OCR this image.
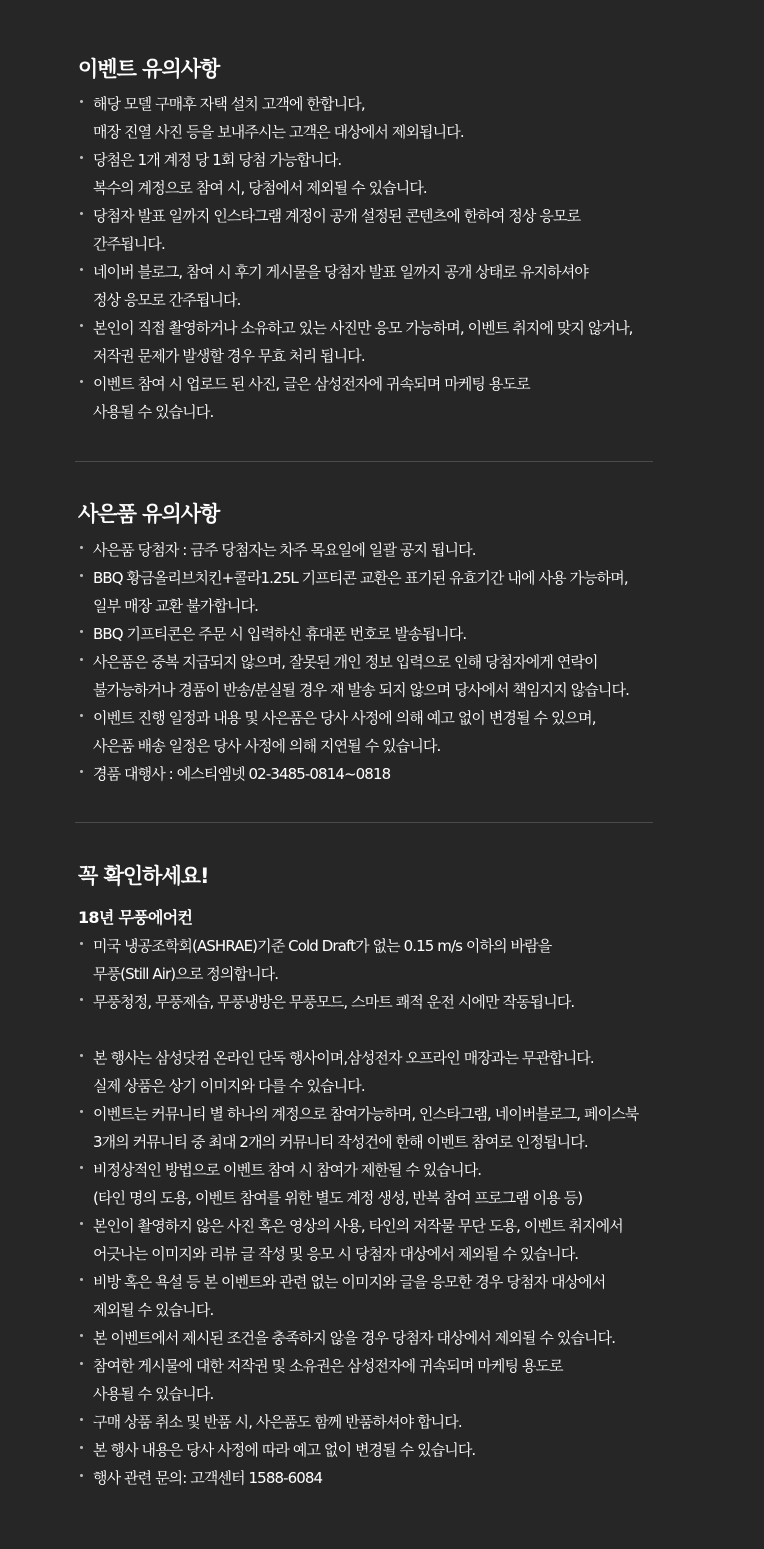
이벤트 유의사항
해당 모델 구매후 자택 설치 고객에 한합니다,
매장 진열 사진 등을 보내주시는 고객은 대상에서 제외됩니다.
당첨은 1개 계정 당 1회 당첨 가능합니다.
복수의 계정으로 참여 시, 당첨에서 제외될 수 있습니다.
당첨자 발표 일까지 인스타그램 계정이 공개 설정된 콘텐츠에 한하여 정상 응모로
간주됩니다.
네이버 블로그, 참여 시 후기 게시물을 당첨자 발표 일까지 공개 상태로 유지하셔야
정상 응모로 간주됩니다.
본인이 직접 촬영하거나 소유하고 있는 사진만 응모 가능하며, 이벤트 취지에 맞지 않거나,
저작권 문제가 발생할 경우 무효 처리 됩니다.
이벤트 참여 시 업로드 된 사진, 글은 삼성전자에 귀속되며 마케팅 용도로
사용될 수 있습니다.
사은품 유의사항
사은품 당첨자 : 금주 당첨자는 차주 목요일에 일괄 공지 됩니다.
BBQ 황금올리브치킨+콜라1.25L 기프티콘 교환은 표기된 유효기간 내에 사용 가능하며,
일부 매장 교환 불가합니다.
BBQ 기프티콘은 주문 시 입력하신 휴대폰 번호로 발송됩니다.
사은품은 중복 지급되지 않으며, 잘못된 개인 정보 입력으로 인해 당첨자에게 연락이
불가능하거나 경품이 반송/분실될 경우 재 발송 되지 않으며 당사에서 책임지지 않습니다.
이벤트 진행 일정과 내용 및 사은품은 당사 사정에 의해 예고 없이 변경될 수 있으며,
사은품 배송 일정은 당사 사정에 의해 지연될 수 있습니다.
경품 대행사 : 에스티엠넷 02-3485-0814~0818
꼭 확인하세요!
18년 무풍에어컨
미국 냉공조학회(ASHRAE)기준 Cold Draft가 없는 0.15 m/s 이하의 바람을
무풍(Still Air)으로 정의합니다.
무풍청정, 무풍제습, 무풍냉방은 무풍모드, 스마트 쾌적 운전 시에만 작동됩니다.
본 행사는 삼성닷컴 온라인 단독 행사이며,삼성전자 오프라인 매장과는 무관합니다.
실제 상품은 상기 이미지와 다를 수 있습니다.
이벤트는 커뮤니티 별 하나의 계정으로 참여가능하며, 인스타그램, 네이버블로그, 페이스북
3개의 커뮤니티 중 최대 2개의 커뮤니티 작성건에 한해 이벤트 참여로 인정됩니다.
비정상적인 방법으로 이벤트 참여 시 참여가 제한될 수 있습니다.
(타인 명의 도용, 이벤트 참여를 위한 별도 계정 생성, 반복 참여 프로그램 이용 등)
본인이 촬영하지 않은 사진 혹은 영상의 사용, 타인의 저작물 무단 도용, 이벤트 취지에서
어긋나는 이미지와 리뷰 글 작성 및 응모 시 당첨자 대상에서 제외될 수 있습니다.
비방 혹은 욕설 등 본 이벤트와 관련 없는 이미지와 글을 응모한 경우 당첨자 대상에서
제외될 수 있습니다.
본 이벤트에서 제시된 조건을 충족하지 않을 경우 당첨자 대상에서 제외될 수 있습니다.
참여한 게시물에 대한 저작권 및 소유권은 삼성전자에 귀속되며 마케팅 용도로
사용될 수 있습니다.
구매 상품 취소 및 반품 시, 사은품도 함께 반품하셔야 합니다.
본 행사 내용은 당사 사정에 따라 예고 없이 변경될 수 있습니다.
행사 관련 문의: 고객센터 1588-6084
